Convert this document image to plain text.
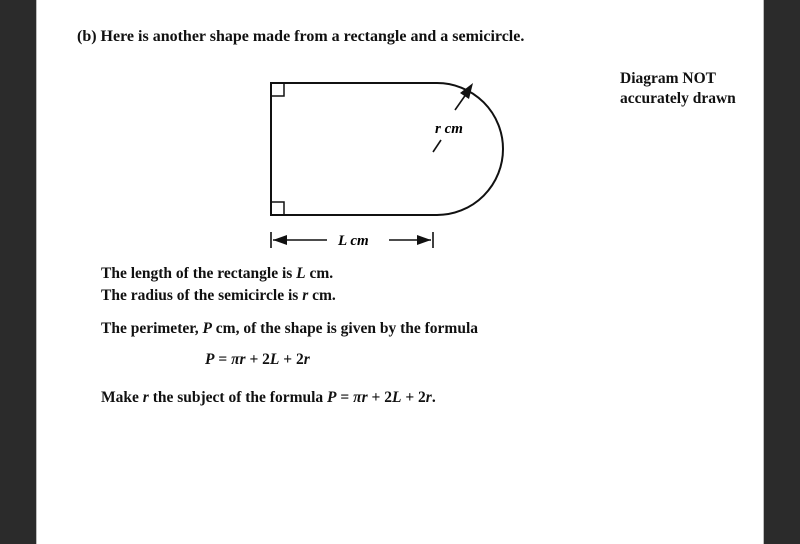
(b) Here is another shape made from a rectangle and a semicircle.
Diagram NOT
accurately drawn
r cm
L cm
The length of the rectangle is L cm.
The radius of the semicircle is r cm.
The perimeter, P cm, of the shape is given by the formula
P = πr + 2L + 2r
Make r the subject of the formula P = πr + 2L + 2r.
